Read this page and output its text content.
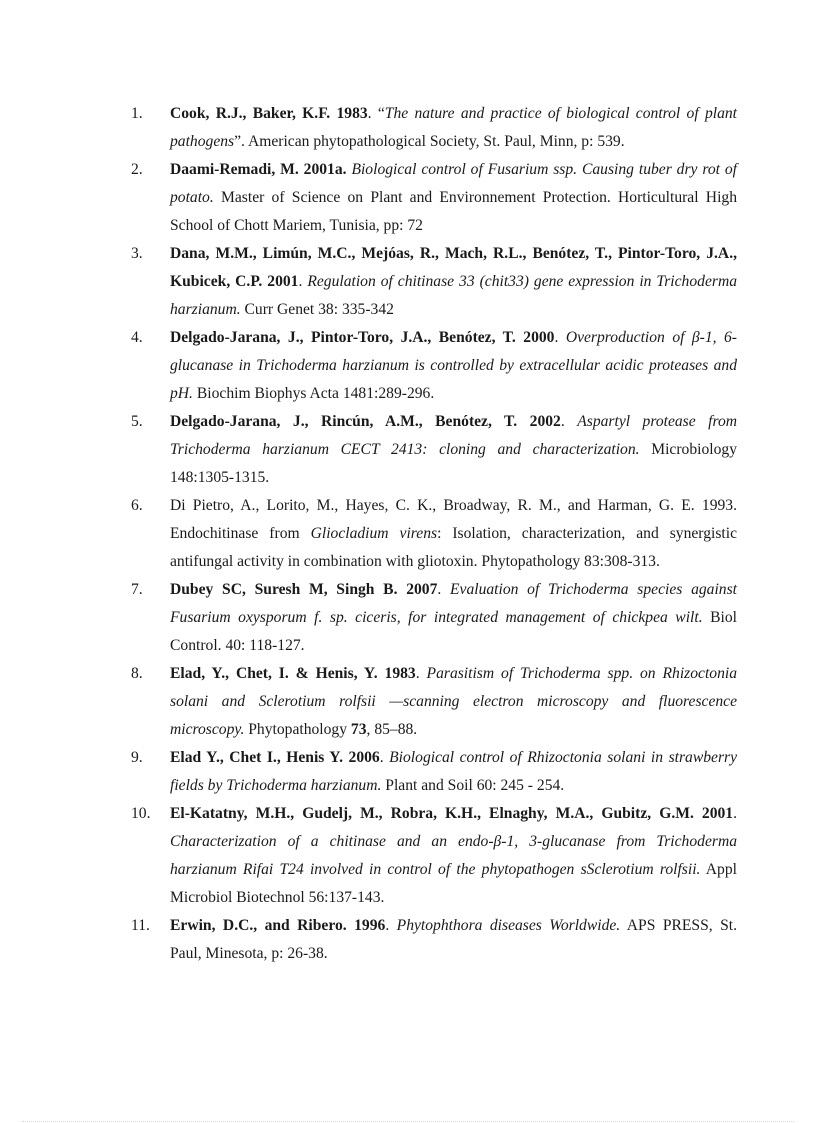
1. Cook, R.J., Baker, K.F. 1983. “The nature and practice of biological control of plant pathogens”. American phytopathological Society, St. Paul, Minn, p: 539.
2. Daami-Remadi, M. 2001a. Biological control of Fusarium ssp. Causing tuber dry rot of potato. Master of Science on Plant and Environnement Protection. Horticultural High School of Chott Mariem, Tunisia, pp: 72
3. Dana, M.M., Limún, M.C., Mejóas, R., Mach, R.L., Benótez, T., Pintor-Toro, J.A., Kubicek, C.P. 2001. Regulation of chitinase 33 (chit33) gene expression in Trichoderma harzianum. Curr Genet 38: 335-342
4. Delgado-Jarana, J., Pintor-Toro, J.A., Benótez, T. 2000. Overproduction of β-1, 6-glucanase in Trichoderma harzianum is controlled by extracellular acidic proteases and pH. Biochim Biophys Acta 1481:289-296.
5. Delgado-Jarana, J., Rincún, A.M., Benótez, T. 2002. Aspartyl protease from Trichoderma harzianum CECT 2413: cloning and characterization. Microbiology 148:1305-1315.
6. Di Pietro, A., Lorito, M., Hayes, C. K., Broadway, R. M., and Harman, G. E. 1993. Endochitinase from Gliocladium virens: Isolation, characterization, and synergistic antifungal activity in combination with gliotoxin. Phytopathology 83:308-313.
7. Dubey SC, Suresh M, Singh B. 2007. Evaluation of Trichoderma species against Fusarium oxysporum f. sp. ciceris, for integrated management of chickpea wilt. Biol Control. 40: 118-127.
8. Elad, Y., Chet, I. & Henis, Y. 1983. Parasitism of Trichoderma spp. on Rhizoctonia solani and Sclerotium rolfsii —scanning electron microscopy and fluorescence microscopy. Phytopathology 73, 85–88.
9. Elad Y., Chet I., Henis Y. 2006. Biological control of Rhizoctonia solani in strawberry fields by Trichoderma harzianum. Plant and Soil 60: 245 - 254.
10. El-Katatny, M.H., Gudelj, M., Robra, K.H., Elnaghy, M.A., Gubitz, G.M. 2001. Characterization of a chitinase and an endo-β-1, 3-glucanase from Trichoderma harzianum Rifai T24 involved in control of the phytopathogen sSclerotium rolfsii. Appl Microbiol Biotechnol 56:137-143.
11. Erwin, D.C., and Ribero. 1996. Phytophthora diseases Worldwide. APS PRESS, St. Paul, Minesota, p: 26-38.
